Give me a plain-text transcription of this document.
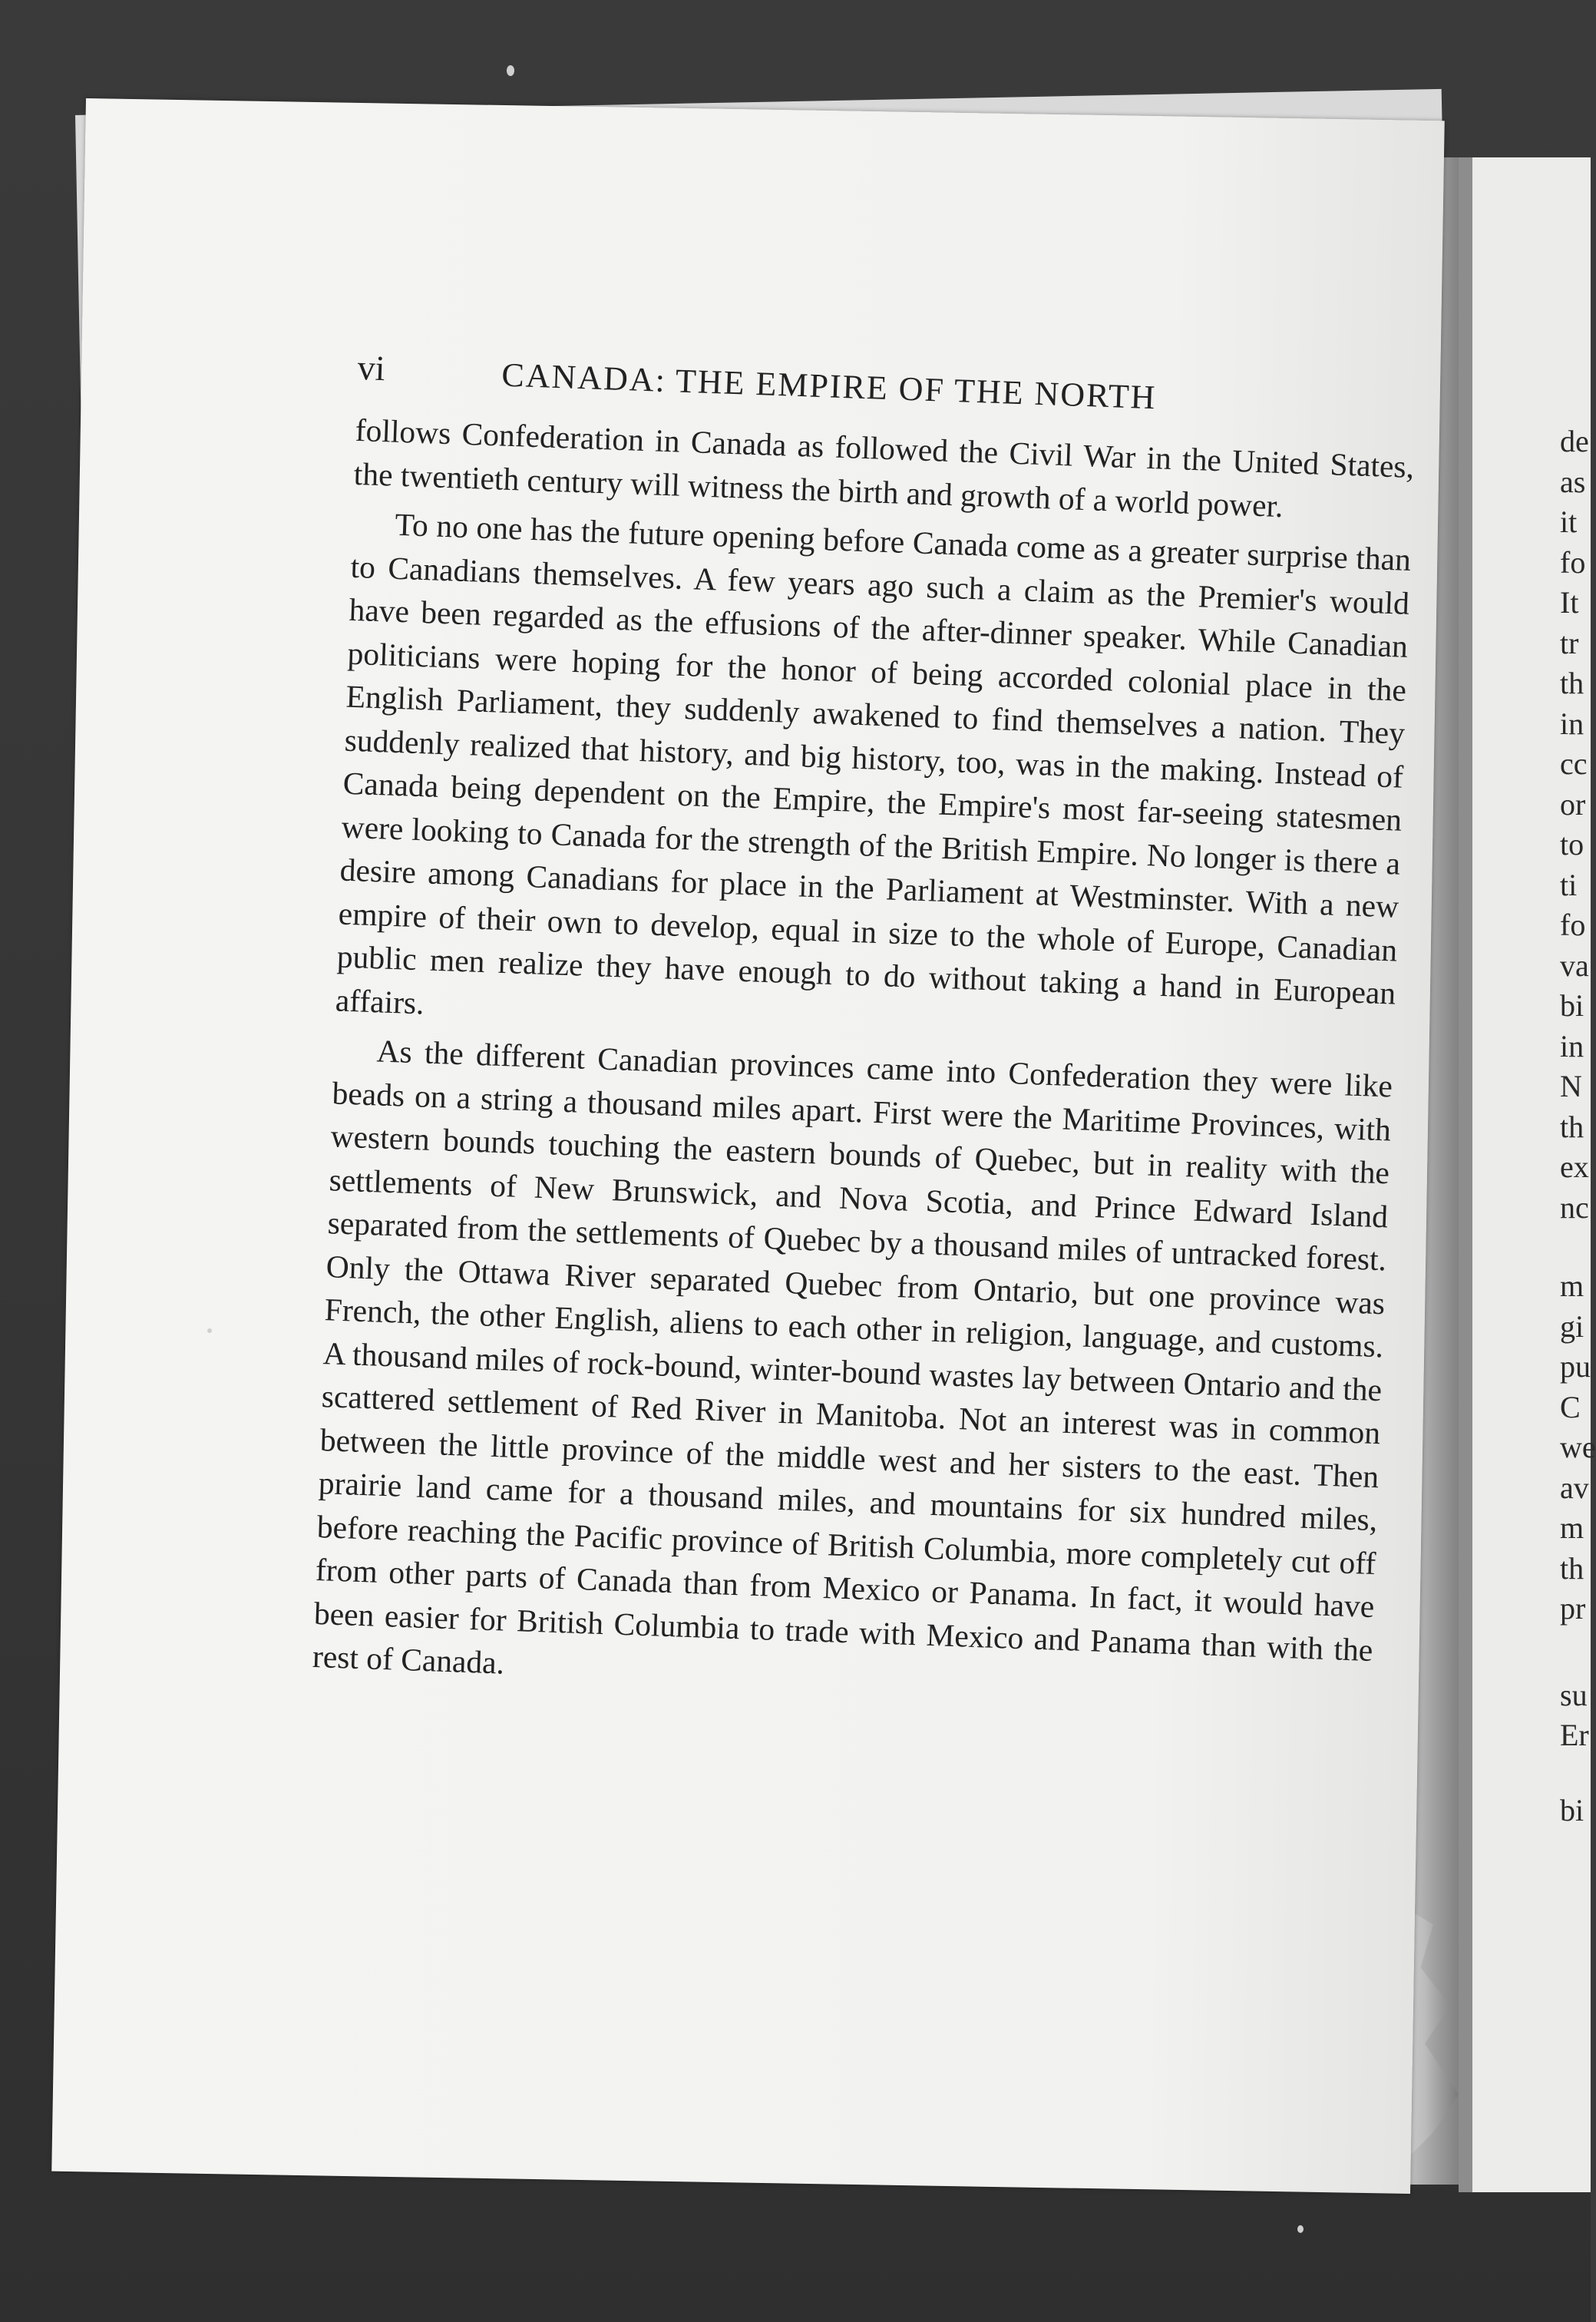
de
as
it
fo
It
tr
th
in
cc
or
to
ti
fo
va
bi
in
N
th
ex
nc
m
gi
pu
C
we
av
m
th
pr
su
Er
bi
vi	CANADA: THE EMPIRE OF THE NORTH

follows Confederation in Canada as followed the Civil War in the United States, the twentieth century will witness the birth and growth of a world power.

To no one has the future opening before Canada come as a greater surprise than to Canadians themselves. A few years ago such a claim as the Premier's would have been regarded as the effusions of the after-dinner speaker. While Canadian politicians were hoping for the honor of being accorded colonial place in the English Parliament, they suddenly awakened to find themselves a nation. They suddenly realized that history, and big history, too, was in the making. Instead of Canada being dependent on the Empire, the Empire's most far-seeing statesmen were looking to Canada for the strength of the British Empire. No longer is there a desire among Canadians for place in the Parliament at Westminster. With a new empire of their own to develop, equal in size to the whole of Europe, Canadian public men realize they have enough to do without taking a hand in European affairs.

As the different Canadian provinces came into Confederation they were like beads on a string a thousand miles apart. First were the Maritime Provinces, with western bounds touching the eastern bounds of Quebec, but in reality with the settlements of New Brunswick, and Nova Scotia, and Prince Edward Island separated from the settlements of Quebec by a thousand miles of untracked forest. Only the Ottawa River separated Quebec from Ontario, but one province was French, the other English, aliens to each other in religion, language, and customs. A thousand miles of rock-bound, winter-bound wastes lay between Ontario and the scattered settlement of Red River in Manitoba. Not an interest was in common between the little province of the middle west and her sisters to the east. Then prairie land came for a thousand miles, and mountains for six hundred miles, before reaching the Pacific province of British Columbia, more completely cut off from other parts of Canada than from Mexico or Panama. In fact, it would have been easier for British Columbia to trade with Mexico and Panama than with the rest of Canada.
